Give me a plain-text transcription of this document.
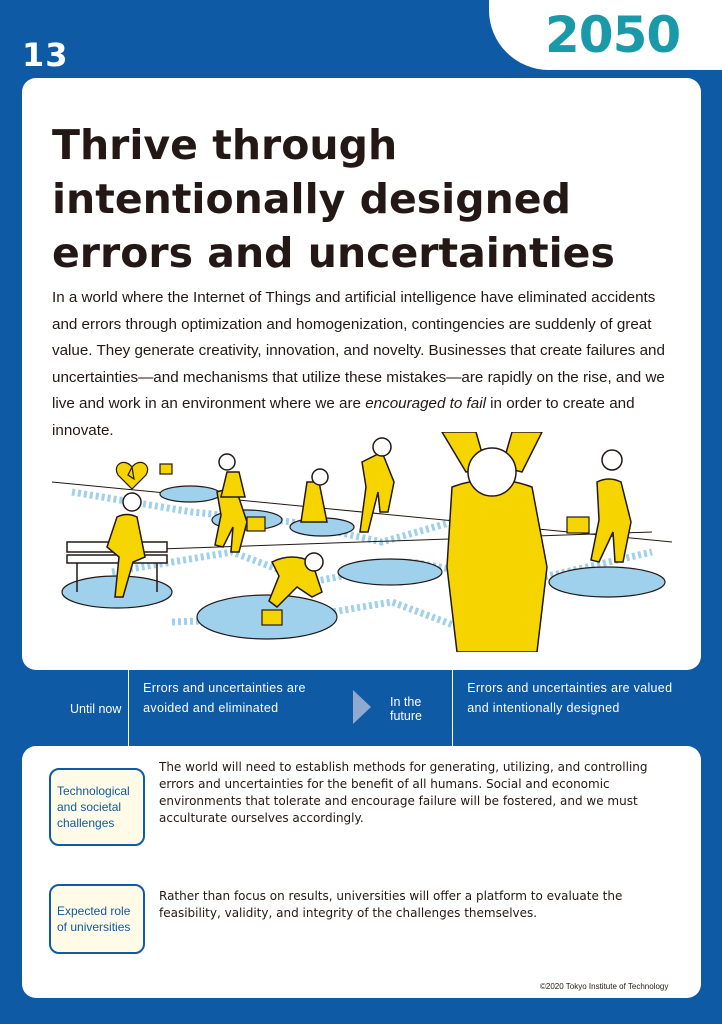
13	2050
Thrive through
intentionally designed
errors and uncertainties

In a world where the Internet of Things and artificial intelligence have eliminated accidents and errors through optimization and homogenization, contingencies are suddenly of great value. They generate creativity, innovation, and novelty. Businesses that create failures and uncertainties—and mechanisms that utilize these mistakes—are rapidly on the rise, and we live and work in an environment where we are encouraged to fail in order to create and innovate.

Until now
Errors and uncertainties are avoided and eliminated	In the future
Errors and uncertainties are valued and intentionally designed
Technological and societal challenges

The world will need to establish methods for generating, utilizing, and controlling errors and uncertainties for the benefit of all humans. Social and economic environments that tolerate and encourage failure will be fostered, and we must acculturate ourselves accordingly.

Expected role of universities

Rather than focus on results, universities will offer a platform to evaluate the feasibility, validity, and integrity of the challenges themselves.

©2020 Tokyo Institute of Technology
